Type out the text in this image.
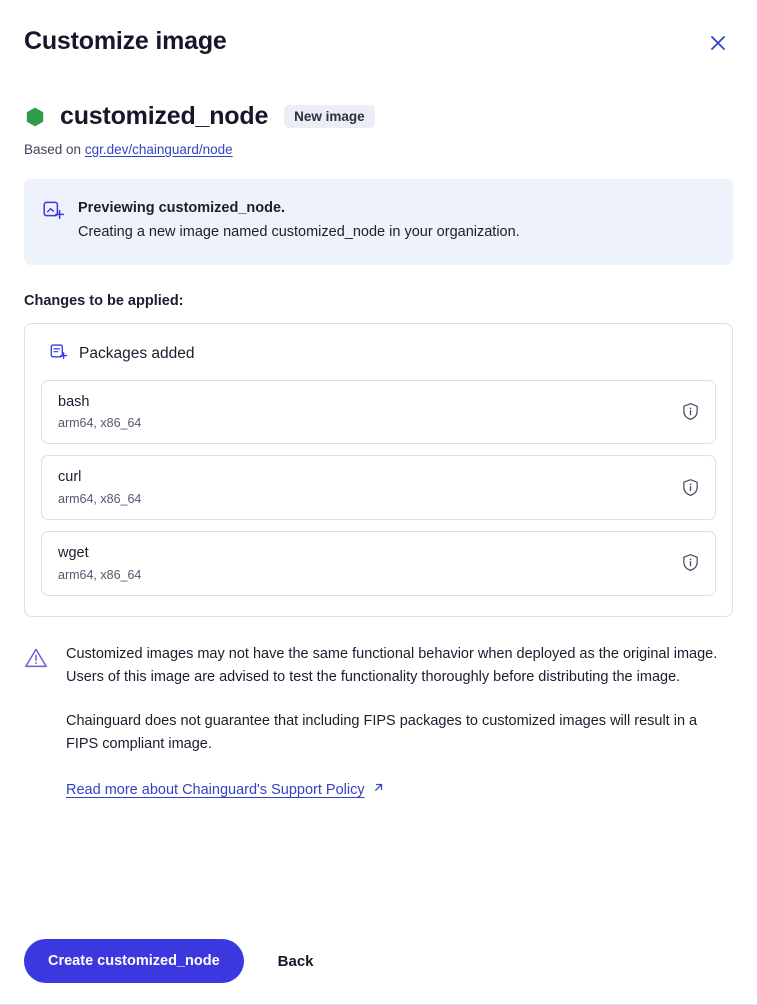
Customize image
customized_node	New image
Based on cgr.dev/chainguard/node
Previewing customized_node.
Creating a new image named customized_node in your organization.
Changes to be applied:
Packages added
bash
arm64, x86_64
curl
arm64, x86_64
wget
arm64, x86_64

Customized images may not have the same functional behavior when deployed as the original image. Users of this image are advised to test the functionality thoroughly before distributing the image.

Chainguard does not guarantee that including FIPS packages to customized images will result in a FIPS compliant image.

Read more about Chainguard's Support Policy
Create customized_node	Back
